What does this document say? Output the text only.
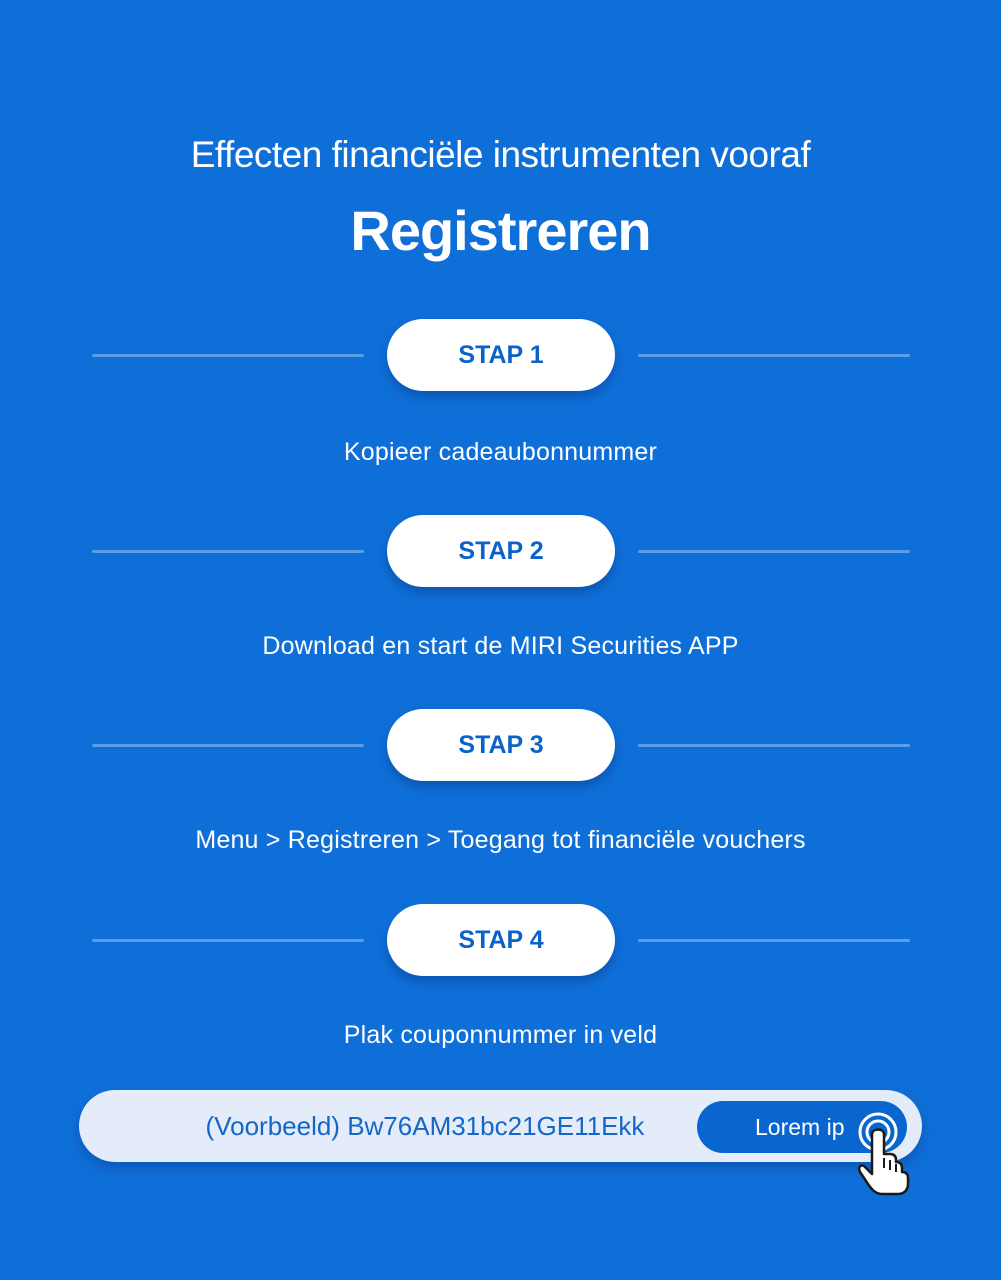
Effecten financiële instrumenten vooraf
Registreren
STAP 1
Kopieer cadeaubonnummer
STAP 2
Download en start de MIRI Securities APP
STAP 3
Menu > Registreren > Toegang tot financiële vouchers
STAP 4
Plak couponnummer in veld
(Voorbeeld) Bw76AM31bc21GE11Ekk	Lorem ip
